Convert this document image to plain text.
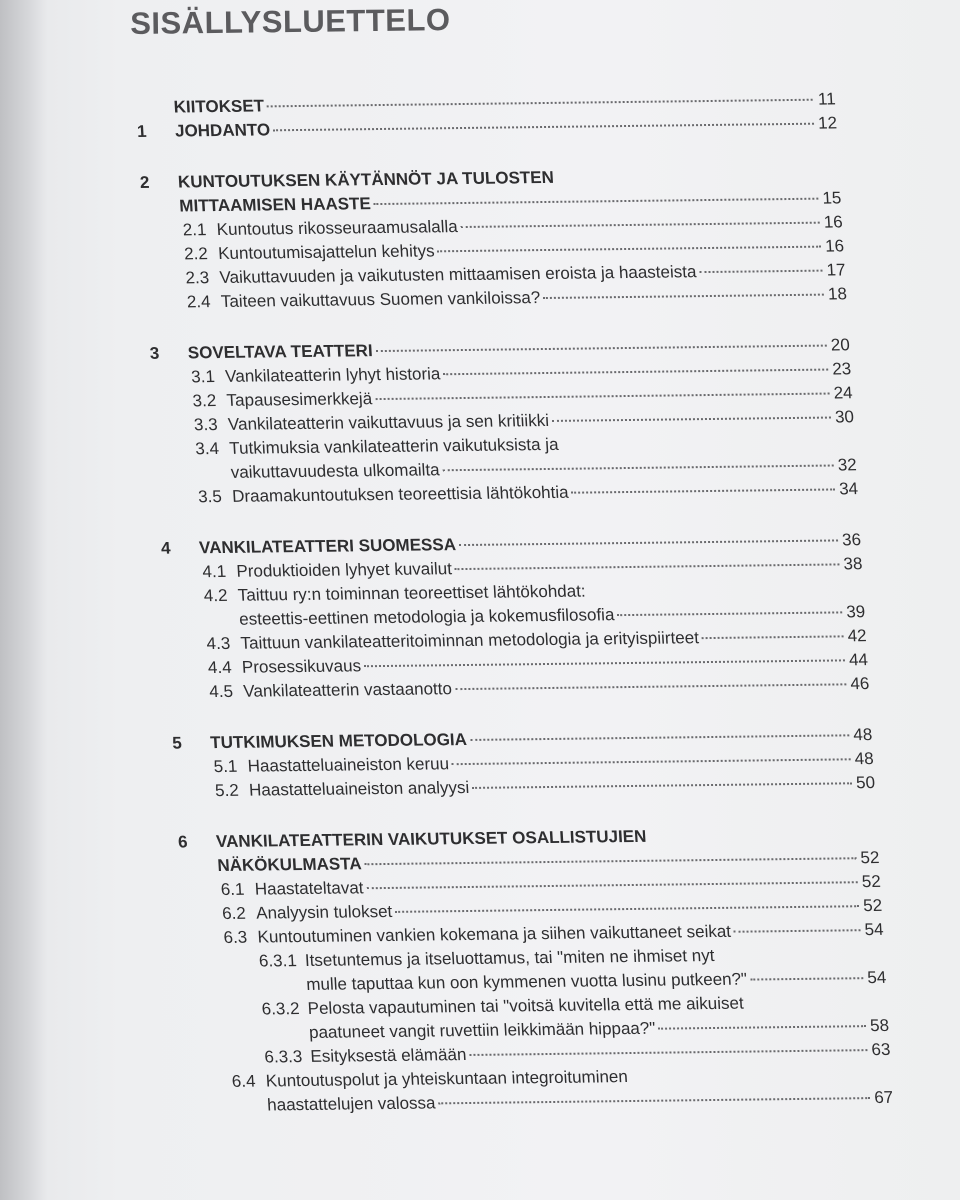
SISÄLLYSLUETTELO
KIITOKSET	11
1	JOHDANTO	12
2	KUNTOUTUKSEN KÄYTÄNNÖT JA TULOSTEN
MITTAAMISEN HAASTE	15
2.1 Kuntoutus rikosseuraamusalalla	16
2.2 Kuntoutumisajattelun kehitys	16
2.3 Vaikuttavuuden ja vaikutusten mittaamisen eroista ja haasteista	17
2.4 Taiteen vaikuttavuus Suomen vankiloissa?	18
3	SOVELTAVA TEATTERI	20
3.1 Vankilateatterin lyhyt historia	23
3.2 Tapausesimerkkejä	24
3.3 Vankilateatterin vaikuttavuus ja sen kritiikki	30
3.4 Tutkimuksia vankilateatterin vaikutuksista ja
vaikuttavuudesta ulkomailta	32
3.5 Draamakuntoutuksen teoreettisia lähtökohtia	34
4	VANKILATEATTERI SUOMESSA	36
4.1 Produktioiden lyhyet kuvailut	38
4.2 Taittuu ry:n toiminnan teoreettiset lähtökohdat:
esteettis-eettinen metodologia ja kokemusfilosofia	39
4.3 Taittuun vankilateatteritoiminnan metodologia ja erityispiirteet	42
4.4 Prosessikuvaus	44
4.5 Vankilateatterin vastaanotto	46
5	TUTKIMUKSEN METODOLOGIA	48
5.1 Haastatteluaineiston keruu	48
5.2 Haastatteluaineiston analyysi	50
6	VANKILATEATTERIN VAIKUTUKSET OSALLISTUJIEN
NÄKÖKULMASTA	52
6.1 Haastateltavat	52
6.2 Analyysin tulokset	52
6.3 Kuntoutuminen vankien kokemana ja siihen vaikuttaneet seikat	54
6.3.1 Itsetuntemus ja itseluottamus, tai "miten ne ihmiset nyt
mulle taputtaa kun oon kymmenen vuotta lusinu putkeen?"	54
6.3.2 Pelosta vapautuminen tai "voitsä kuvitella että me aikuiset
paatuneet vangit ruvettiin leikkimään hippaa?"	58
6.3.3 Esityksestä elämään	63
6.4 Kuntoutuspolut ja yhteiskuntaan integroituminen
haastattelujen valossa	67
